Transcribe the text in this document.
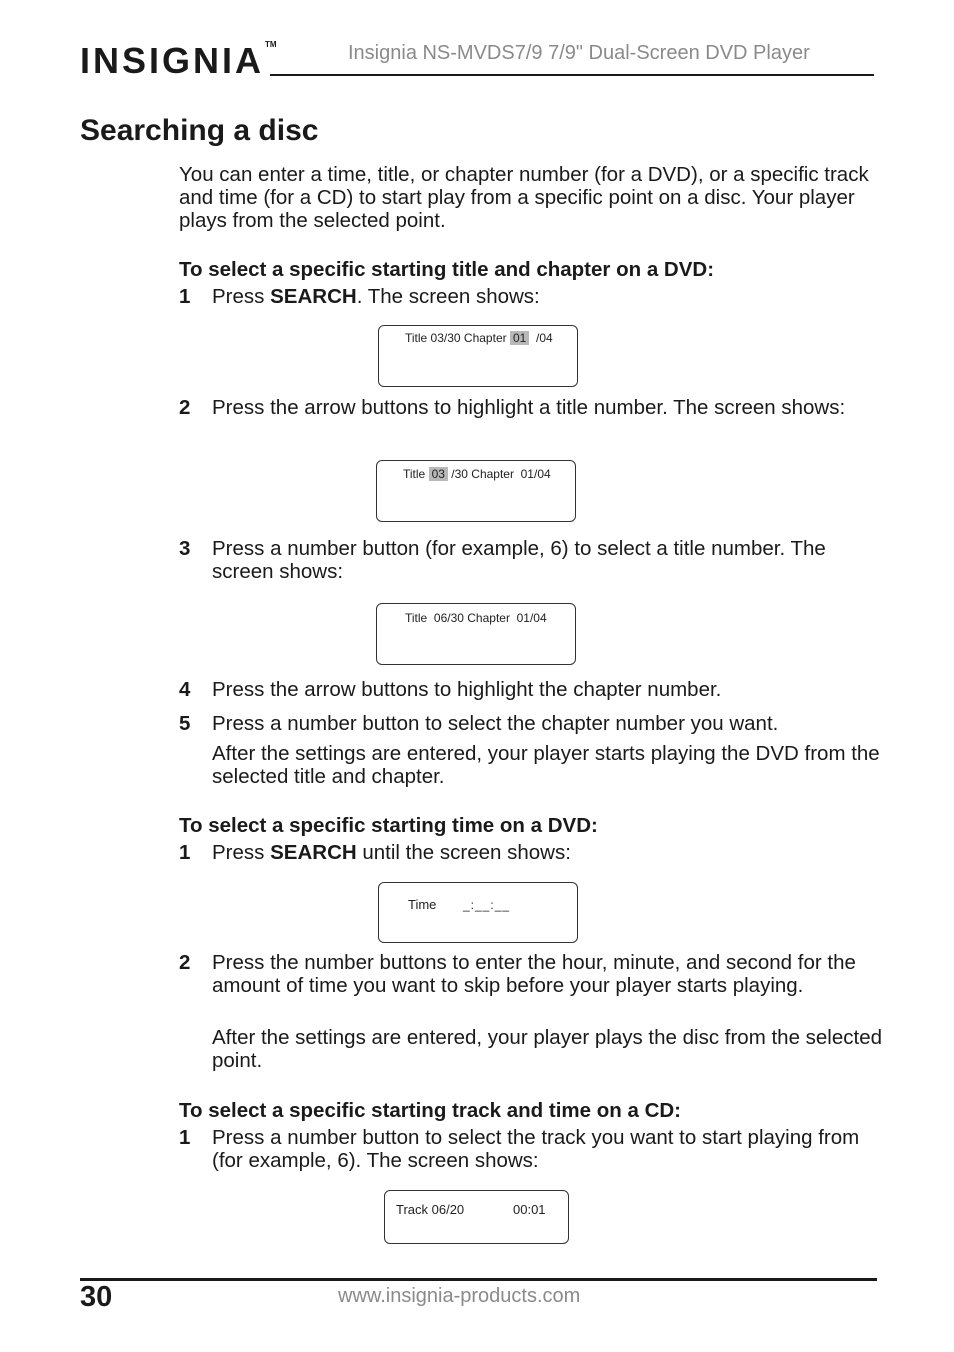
INSIGNIA™	Insignia NS-MVDS7/9 7/9" Dual-Screen DVD Player
Searching a disc
You can enter a time, title, or chapter number (for a DVD), or a specific track and time (for a CD) to start play from a specific point on a disc. Your player plays from the selected point.
To select a specific starting title and chapter on a DVD:
1 Press SEARCH. The screen shows:
Title 03/30 Chapter 01  /04
2 Press the arrow buttons to highlight a title number. The screen shows:
Title 03 /30 Chapter  01/04
3 Press a number button (for example, 6) to select a title number. The screen shows:
Title  06/30 Chapter  01/04
4 Press the arrow buttons to highlight the chapter number.
5 Press a number button to select the chapter number you want.
After the settings are entered, your player starts playing the DVD from the selected title and chapter.
To select a specific starting time on a DVD:
1 Press SEARCH until the screen shows:
Time _:__:__
2 Press the number buttons to enter the hour, minute, and second for the amount of time you want to skip before your player starts playing.
After the settings are entered, your player plays the disc from the selected point.
To select a specific starting track and time on a CD:
1 Press a number button to select the track you want to start playing from (for example, 6). The screen shows:
Track 06/20	00:01
30	www.insignia-products.com
